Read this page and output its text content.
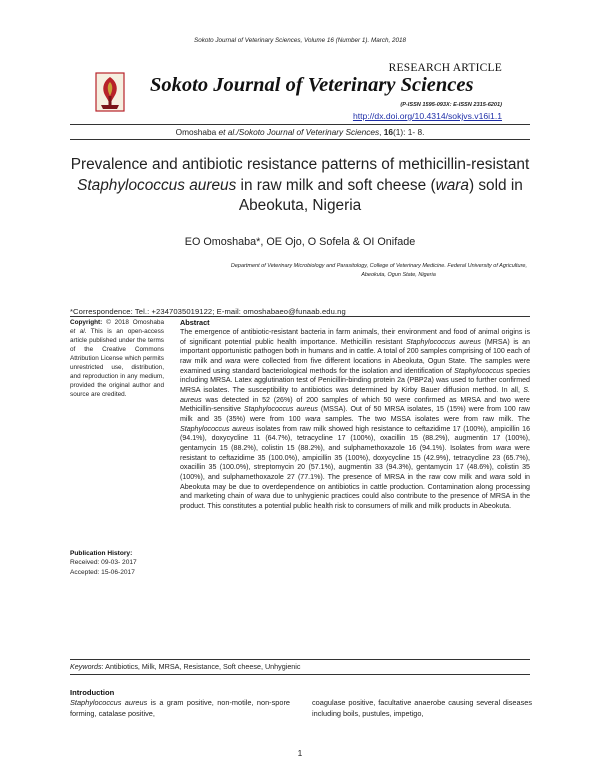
Sokoto Journal of Veterinary Sciences, Volume 16 (Number 1). March, 2018
RESEARCH ARTICLE
Sokoto Journal of Veterinary Sciences
(P-ISSN 1595-093X: E-ISSN 2315-6201)
http://dx.doi.org/10.4314/sokjvs.v16i1.1
Omoshaba et al./Sokoto Journal of Veterinary Sciences, 16(1): 1- 8.
Prevalence and antibiotic resistance patterns of methicillin-resistant Staphylococcus aureus in raw milk and soft cheese (wara) sold in Abeokuta, Nigeria
EO Omoshaba*, OE Ojo, O Sofela & OI Onifade
Department of Veterinary Microbiology and Parasitology, College of Veterinary Medicine. Federal University of Agriculture,
Abeokuta, Ogun State, Nigeria
*Correspondence: Tel.: +2347035019122; E-mail: omoshabaeo@funaab.edu.ng
Copyright: © 2018 Omoshaba et al. This is an open-access article published under the terms of the Creative Commons Attribution License which permits unrestricted use, distribution, and reproduction in any medium, provided the original author and source are credited.
Publication History:
Received: 09-03- 2017
Accepted: 15-06-2017
Abstract
The emergence of antibiotic-resistant bacteria in farm animals, their environment and food of animal origins is of significant potential public health importance. Methicillin resistant Staphylococcus aureus (MRSA) is an important opportunistic pathogen both in humans and in cattle. A total of 200 samples comprising of 100 each of raw milk and wara were collected from five different locations in Abeokuta, Ogun State. The samples were examined using standard bacteriological methods for the isolation and identification of Staphylococcus species including MRSA. Latex agglutination test of Penicillin-binding protein 2a (PBP2a) was used to further confirmed MRSA isolates. The susceptibility to antibiotics was determined by Kirby Bauer diffusion method. In all, S. aureus was detected in 52 (26%) of 200 samples of which 50 were confirmed as MRSA and two were Methicillin-sensitive Staphylococcus aureus (MSSA). Out of 50 MRSA isolates, 15 (15%) were from 100 raw milk and 35 (35%) were from 100 wara samples. The two MSSA isolates were from raw milk. The Staphylococcus aureus isolates from raw milk showed high resistance to ceftazidime 17 (100%), ampicillin 16 (94.1%), doxycycline 11 (64.7%), tetracycline 17 (100%), oxacillin 15 (88.2%), augmentin 17 (100%), gentamycin 15 (88.2%), colistin 15 (88.2%), and sulphamethoxazole 16 (94.1%). Isolates from wara were resistant to ceftazidime 35 (100.0%), ampicillin 35 (100%), doxycycline 15 (42.9%), tetracycline 23 (65.7%), oxacillin 35 (100.0%), streptomycin 20 (57.1%), augmentin 33 (94.3%), gentamycin 17 (48.6%), colistin 35 (100%), and sulphamethoxazole 27 (77.1%). The presence of MRSA in the raw cow milk and wara sold in Abeokuta may be due to overdependence on antibiotics in cattle production. Contamination along processing and marketing chain of wara due to unhygienic practices could also contribute to the presence of MRSA in the product. This constitutes a potential public health risk to consumers of milk and milk products in Abeokuta.
Keywords: Antibiotics, Milk, MRSA, Resistance, Soft cheese, Unhygienic
Introduction
Staphylococcus aureus is a gram positive, non-motile, non-spore forming, catalase positive,
coagulase positive, facultative anaerobe causing several diseases including boils, pustules, impetigo,
1
